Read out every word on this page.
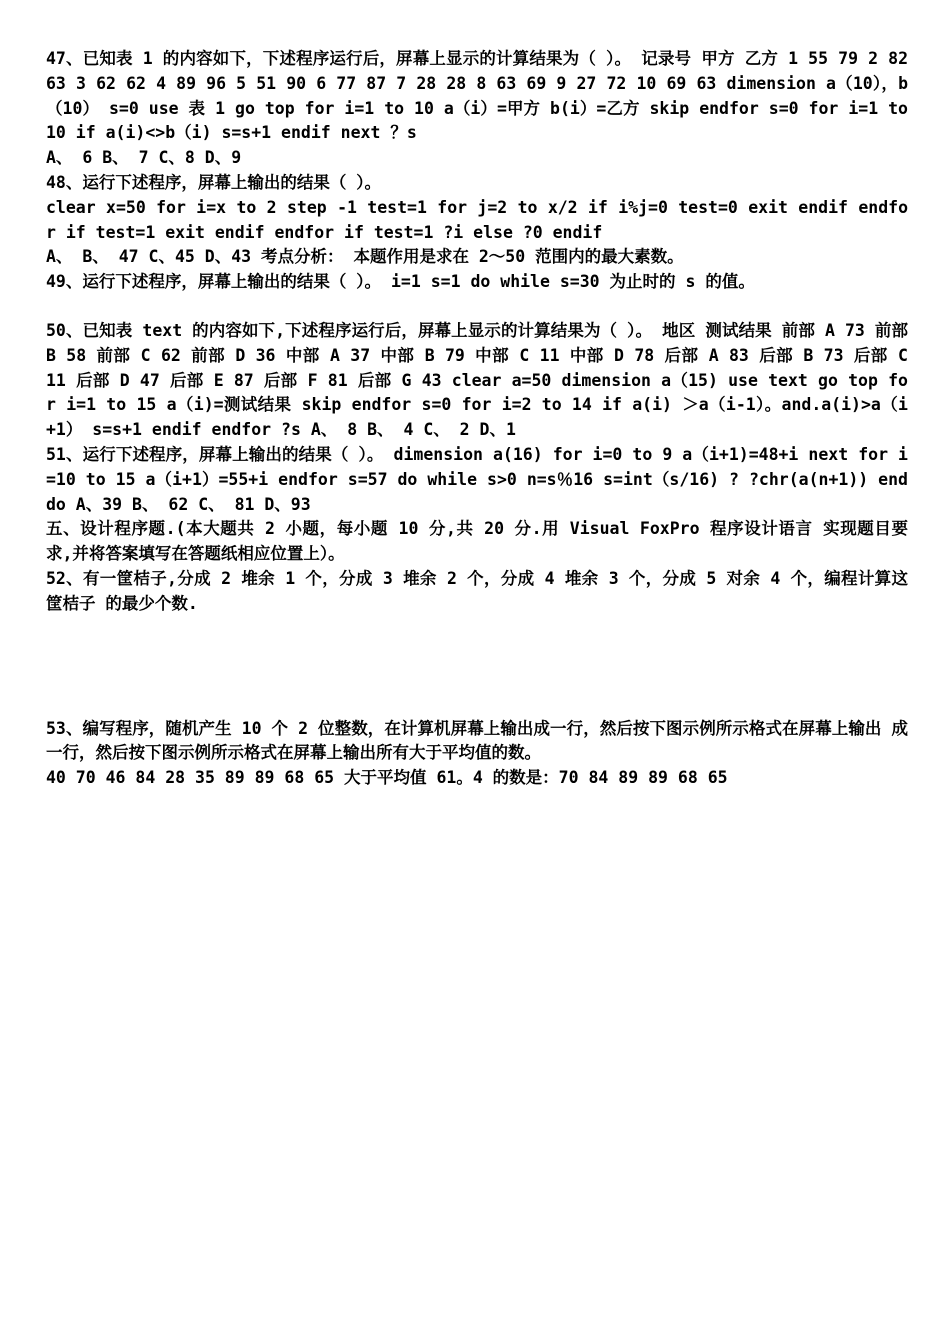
47、已知表 1 的内容如下，下述程序运行后，屏幕上显示的计算结果为（ ）。 记录号 甲方 乙方 1 55 79 2 82 63 3 62 62 4 89 96 5 51 90 6 77 87 7 28 28 8 63 69 9 27 72 10 69 63 dimension a（10），b（10） s=0 use 表 1 go top for i=1 to 10 a（i）=甲方 b(i）=乙方 skip endfor s=0 for i=1 to 10 if a(i)<>b（i) s=s+1 endif next ？s

A、 6 B、 7 C、8 D、9

48、运行下述程序，屏幕上输出的结果（ ）。

clear x=50 for i=x to 2 step -1 test=1 for j=2 to x/2 if i%j=0 test=0 exit endif endfor if test=1 exit endif endfor if test=1 ?i else ?0 endif

A、 B、 47 C、45 D、43 考点分析： 本题作用是求在 2～50 范围内的最大素数。

49、运行下述程序，屏幕上输出的结果（ ）。 i=1 s=1 do while s=30 为止时的 s 的值。

50、已知表 text 的内容如下,下述程序运行后，屏幕上显示的计算结果为（ ）。 地区 测试结果 前部 A 73 前部 B 58 前部 C 62 前部 D 36 中部 A 37 中部 B 79 中部 C 11 中部 D 78 后部 A 83 后部 B 73 后部 C 11 后部 D 47 后部 E 87 后部 F 81 后部 G 43 clear a=50 dimension a（15) use text go top for i=1 to 15 a（i)=测试结果 skip endfor s=0 for i=2 to 14 if a(i) ＞a（i-1）。and.a(i)>a（i+1） s=s+1 endif endfor ?s A、 8 B、 4 C、 2 D、1

51、运行下述程序，屏幕上输出的结果（ ）。 dimension a(16) for i=0 to 9 a（i+1)=48+i next for i=10 to 15 a（i+1）=55+i endfor s=57 do while s>0 n=s％16 s=int（s/16) ? ?chr(a(n+1)) enddo A、39 B、 62 C、 81 D、93

五、设计程序题.(本大题共 2 小题，每小题 10 分,共 20 分.用 Visual FoxPro 程序设计语言 实现题目要求,并将答案填写在答题纸相应位置上）。

52、有一筐桔子,分成 2 堆余 1 个，分成 3 堆余 2 个，分成 4 堆余 3 个，分成 5 对余 4 个，编程计算这筐桔子 的最少个数.

53、编写程序，随机产生 10 个 2 位整数，在计算机屏幕上输出成一行，然后按下图示例所示格式在屏幕上输出 成一行，然后按下图示例所示格式在屏幕上输出所有大于平均值的数。

40 70 46 84 28 35 89 89 68 65 大于平均值 61。4 的数是：70 84 89 89 68 65
